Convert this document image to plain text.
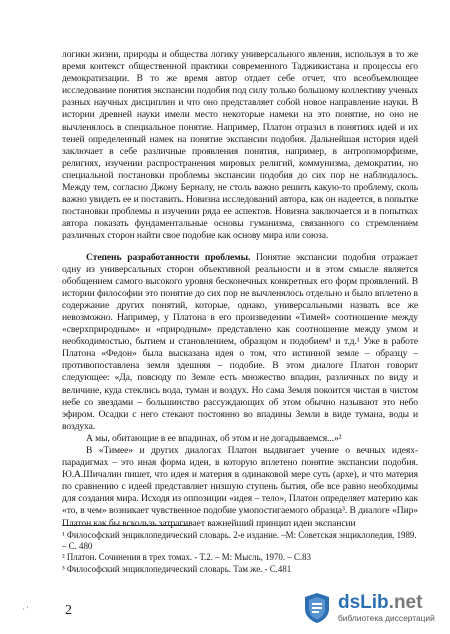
логики жизни, природы и общества логику универсального явления, используя в то же время контекст общественной практики современного Таджикистана и процессы его демократизации. В то же время автор отдает себе отчет, что всеобъемлющее исследование понятия экспансии подобия под силу только большому коллективу ученых разных научных дисциплин и что оно представляет собой новое направление науки. В истории древней науки имели место некоторые намеки на это понятие, но оно не вычленялось в специальное понятие. Например, Платон отразил в понятиях идей и их теней определенный намек на понятие экспансии подобия. Дальнейшая история идей заключает в себе различные проявления понятия, например, в антропоморфизме, религиях, изучении распространения мировых религий, коммунизма, демократии, но специальной постановки проблемы экспансии подобия до сих пор не наблюдалось. Между тем, согласно Джону Берналу, не столь важно решить какую-то проблему, сколь важно увидеть ее и поставить. Новизна исследований автора, как он надеется, в попытке постановки проблемы и изучении ряда ее аспектов. Новизна заключается и в попытках автора показать фундаментальные основы гуманизма, связанного со стремлением различных сторон найти свое подобие как основу мира или союза.

Степень разработанности проблемы. Понятие экспансии подобия отражает одну из универсальных сторон объективной реальности и в этом смысле является обобщением самого высокого уровня бесконечных конкретных его форм проявлений. В истории философии это понятие до сих пор не вычленялось отдельно и было вплетено в содержание других понятий, которые, однако, универсальными назвать все же невозможно. Например, у Платона в его произведении «Тимей» соотношение между «сверхприродным» и «природным» представлено как соотношение между умом и необходимостью, бытием и становлением, образцом и подобием¹ и т.д.¹ Уже в работе Платона «Федон» была высказана идея о том, что истинной земле – образцу – противопоставлена земля здешняя – подобие. В этом диалоге Платон говорит следующее: «Да, повсюду по Земле есть множество впадин, различных по виду и величине, куда стеклись вода, туман и воздух. Но сама Земля покоится чистая в чистом небе со звездами – большинство рассуждающих об этом обычно называют это небо эфиром. Осадки с него стекают постоянно во впадины Земли в виде тумана, воды и воздуха.

А мы, обитающие в ее впадинах, об этом и не догадываемся...»²

В «Тимее» и других диалогах Платон выдвигает учение о вечных идеях-парадигмах – это иная форма идеи, в которую вплетено понятие экспансии подобия. Ю.А.Шичалин пишет, что идея и материя в одинаковой мере суть (архе), и что материя по сравнению с идеей представляет низшую ступень бытия, обе все равно необходимы для создания мира. Исходя из оппозиции «идея – тело», Платон определяет материю как «то, в чем» возникает чувственное подобие умопостигаемого образца³. В диалоге «Пир» Платон как бы вскользь затрагивает важнейший принцип идеи экспансии

¹ Философский энциклопедический словарь. 2-е издание. –М: Советская энциклопедия, 1989. – С. 480
² Платон. Сочинения в трех томах. - Т.2. – М: Мысль, 1970. – С.83
³ Философский энциклопедический словарь. Там же. - С.481
· '	2	dsLib.net
библиотека диссертаций
